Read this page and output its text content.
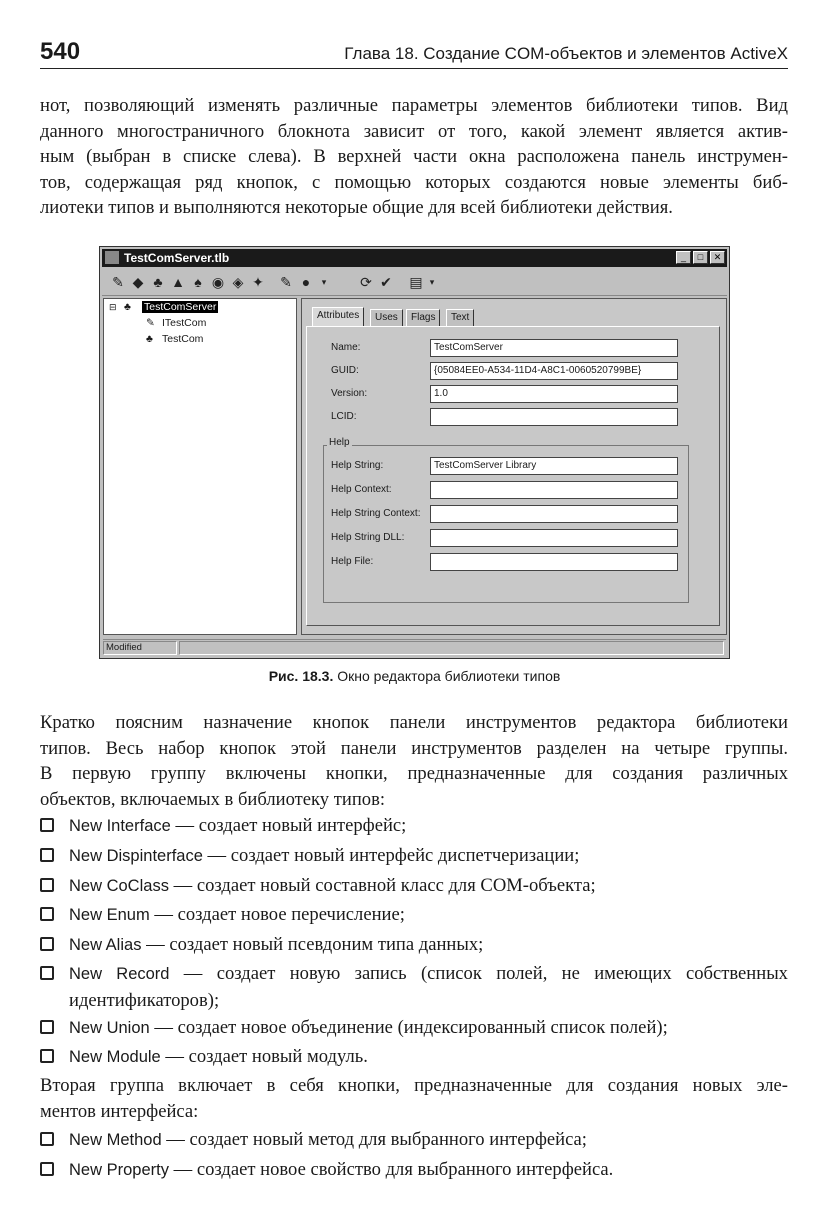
540	Глава 18. Создание COM-объектов и элементов ActiveX
нот, позволяющий изменять различные параметры элементов библиотеки типов. Вид
данного многостраничного блокнота зависит от того, какой элемент является актив-
ным (выбран в списке слева). В верхней части окна расположена панель инструмен-
тов, содержащая ряд кнопок, с помощью которых создаются новые элементы биб-
лиотеки типов и выполняются некоторые общие для всей библиотеки действия.
TestComServer.tlb	_	□	✕
✎ ◆ ♣ ▲ ♠ ◉ ◈ ✦ ✎ ●	▾	⟳ ✔ ▤ ▾
⊟ ♣ TestComServer
✎ ITestCom
♣ TestCom
Attributes	Uses	Flags	Text
Name:	TestComServer
GUID:	{05084EE0-A534-11D4-A8C1-0060520799BE}
Version:	1.0
LCID:
Help
Help String:	TestComServer Library
Help Context:
Help String Context:
Help String DLL:
Help File:
Modified
Рис. 18.3. Окно редактора библиотеки типов
Кратко поясним назначение кнопок панели инструментов редактора библиотеки
типов. Весь набор кнопок этой панели инструментов разделен на четыре группы.
В первую группу включены кнопки, предназначенные для создания различных
объектов, включаемых в библиотеку типов:
New Interface — создает новый интерфейс;
New Dispinterface — создает новый интерфейс диспетчеризации;
New CoClass — создает новый составной класс для COM-объекта;
New Enum — создает новое перечисление;
New Alias — создает новый псевдоним типа данных;
New Record — создает новую запись (список полей, не имеющих собственных
идентификаторов);
New Union — создает новое объединение (индексированный список полей);
New Module — создает новый модуль.
Вторая группа включает в себя кнопки, предназначенные для создания новых эле-
ментов интерфейса:
New Method — создает новый метод для выбранного интерфейса;
New Property — создает новое свойство для выбранного интерфейса.
